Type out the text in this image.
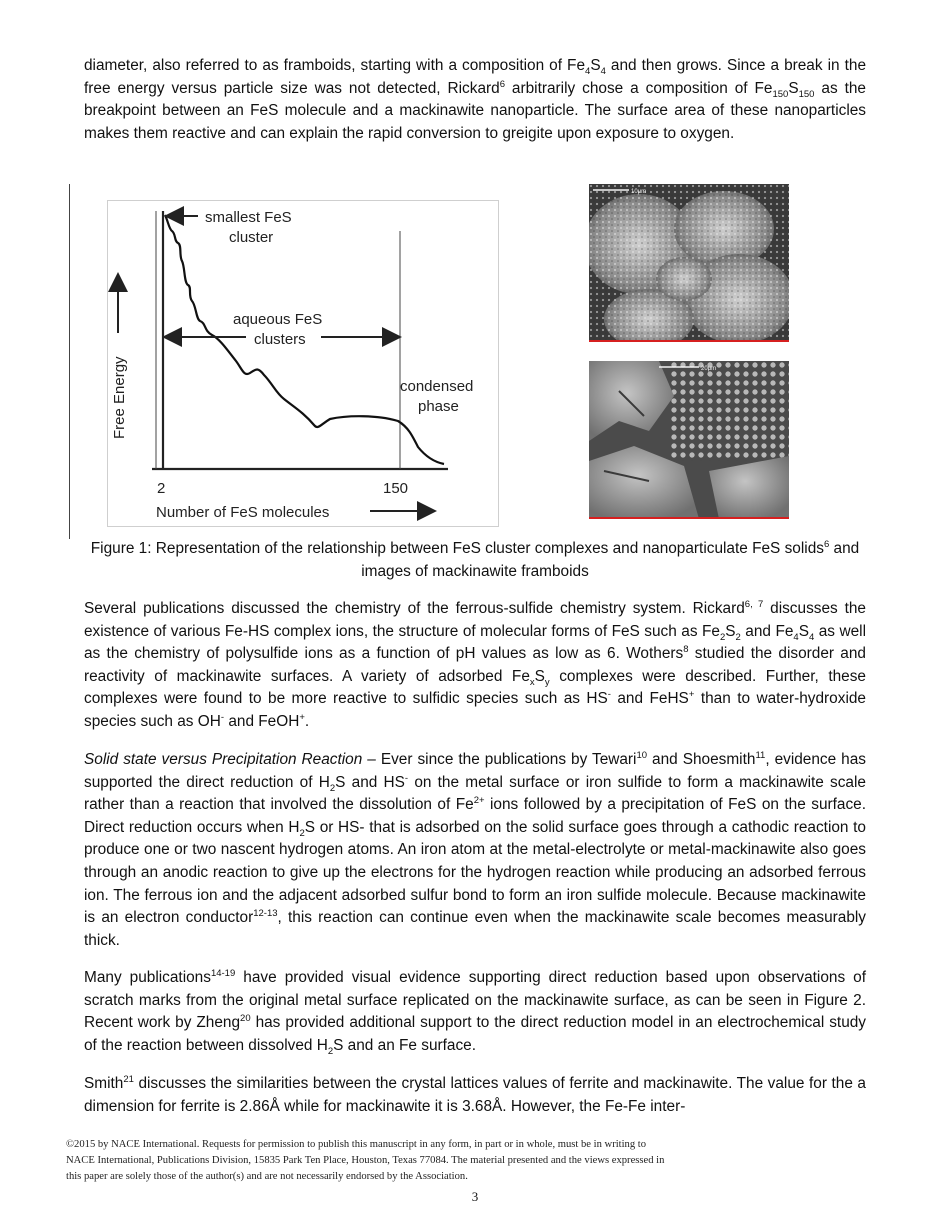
diameter, also referred to as framboids, starting with a composition of $Fe_4S_4$ and then grows. Since a break in the free energy versus particle size was not detected, Rickard$^6$ arbitrarily chose a composition of $Fe_{150}S_{150}$ as the breakpoint between an FeS molecule and a mackinawite nanoparticle. The surface area of these nanoparticles makes them reactive and can explain the rapid conversion to greigite upon exposure to oxygen.

smallest FeS
cluster
aqueous FeS
clusters
condensed
phase
Free Energy
2	150
Number of FeS molecules
10μm
20μm
Figure 1: Representation of the relationship between FeS cluster complexes and nanoparticulate FeS solids$^6$ and images of mackinawite framboids

Several publications discussed the chemistry of the ferrous-sulfide chemistry system. Rickard$^{6, 7}$ discusses the existence of various Fe-HS complex ions, the structure of molecular forms of FeS such as $Fe_2S_2$ and $Fe_4S_4$ as well as the chemistry of polysulfide ions as a function of pH values as low as 6. Wothers$^8$ studied the disorder and reactivity of mackinawite surfaces. A variety of adsorbed $Fe_xS_y$ complexes were described. Further, these complexes were found to be more reactive to sulfidic species such as HS- and FeHS+ than to water-hydroxide species such as OH- and FeOH+.

Solid state versus Precipitation Reaction – Ever since the publications by Tewari$^{10}$ and Shoesmith$^{11}$, evidence has supported the direct reduction of $H_2S$ and HS- on the metal surface or iron sulfide to form a mackinawite scale rather than a reaction that involved the dissolution of $Fe^{2+}$ ions followed by a precipitation of FeS on the surface. Direct reduction occurs when $H_2S$ or HS- that is adsorbed on the solid surface goes through a cathodic reaction to produce one or two nascent hydrogen atoms. An iron atom at the metal-electrolyte or metal-mackinawite also goes through an anodic reaction to give up the electrons for the hydrogen reaction while producing an adsorbed ferrous ion. The ferrous ion and the adjacent adsorbed sulfur bond to form an iron sulfide molecule. Because mackinawite is an electron conductor$^{12-13}$, this reaction can continue even when the mackinawite scale becomes measurably thick.

Many publications$^{14-19}$ have provided visual evidence supporting direct reduction based upon observations of scratch marks from the original metal surface replicated on the mackinawite surface, as can be seen in Figure 2. Recent work by Zheng$^{20}$ has provided additional support to the direct reduction model in an electrochemical study of the reaction between dissolved $H_2S$ and an Fe surface.

Smith$^{21}$ discusses the similarities between the crystal lattices values of ferrite and mackinawite. The value for the a dimension for ferrite is 2.86Å while for mackinawite it is 3.68Å. However, the Fe-Fe inter-

©2015 by NACE International. Requests for permission to publish this manuscript in any form, in part or in whole, must be in writing to
NACE International, Publications Division, 15835 Park Ten Place, Houston, Texas 77084. The material presented and the views expressed in
this paper are solely those of the author(s) and are not necessarily endorsed by the Association.
3
